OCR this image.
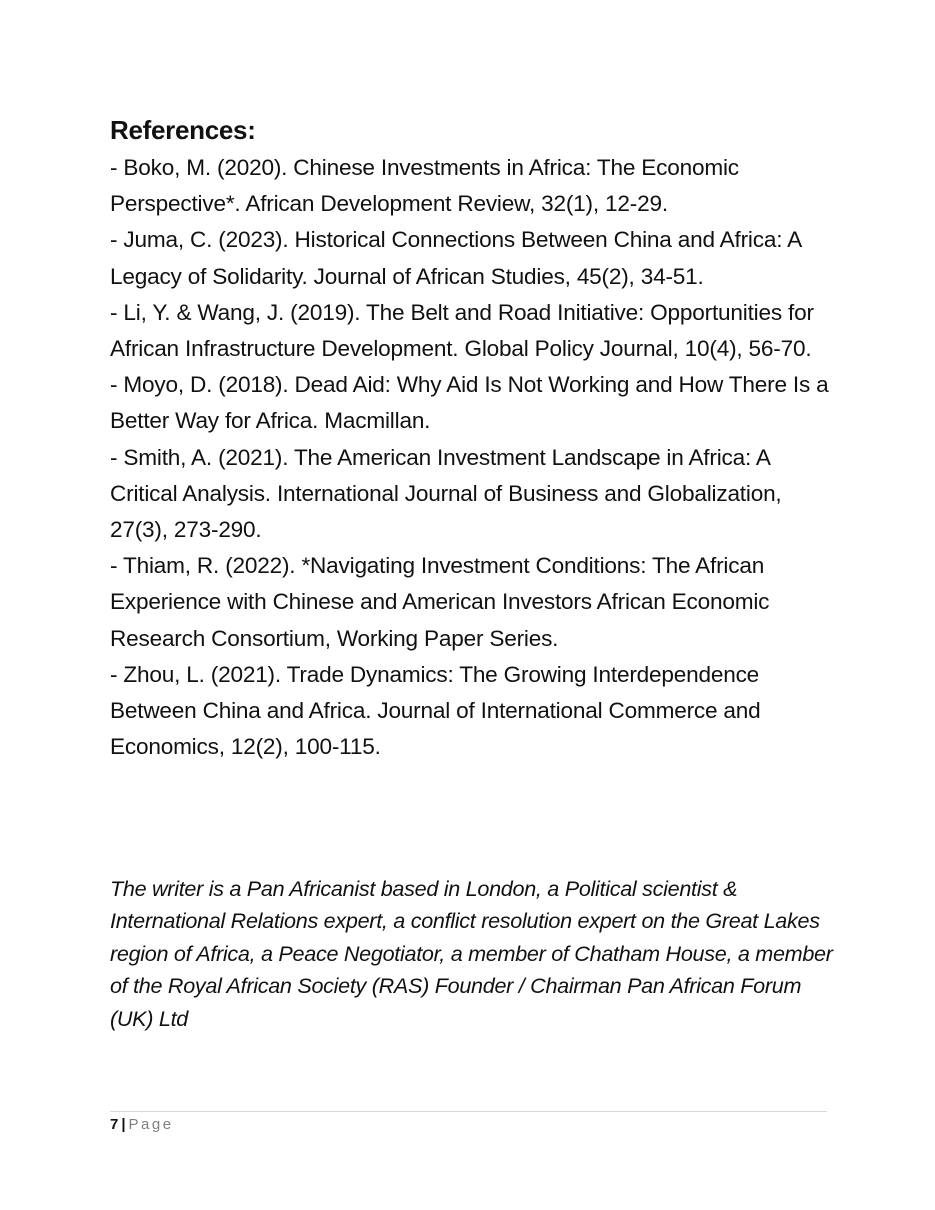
References:

- Boko, M. (2020). Chinese Investments in Africa: The Economic Perspective*. African Development Review, 32(1), 12-29.

- Juma, C. (2023). Historical Connections Between China and Africa: A Legacy of Solidarity. Journal of African Studies, 45(2), 34-51.

- Li, Y. & Wang, J. (2019). The Belt and Road Initiative: Opportunities for African Infrastructure Development. Global Policy Journal, 10(4), 56-70.

- Moyo, D. (2018). Dead Aid: Why Aid Is Not Working and How There Is a Better Way for Africa. Macmillan.

- Smith, A. (2021). The American Investment Landscape in Africa: A Critical Analysis. International Journal of Business and Globalization, 27(3), 273-290.

- Thiam, R. (2022). *Navigating Investment Conditions: The African Experience with Chinese and American Investors African Economic Research Consortium, Working Paper Series.

- Zhou, L. (2021). Trade Dynamics: The Growing Interdependence Between China and Africa. Journal of International Commerce and Economics, 12(2), 100-115.

The writer is a Pan Africanist based in London, a Political scientist & International Relations expert, a conflict resolution expert on the Great Lakes region of Africa, a Peace Negotiator, a member of Chatham House, a member of the Royal African Society (RAS) Founder / Chairman Pan African Forum (UK) Ltd
7 | Page
